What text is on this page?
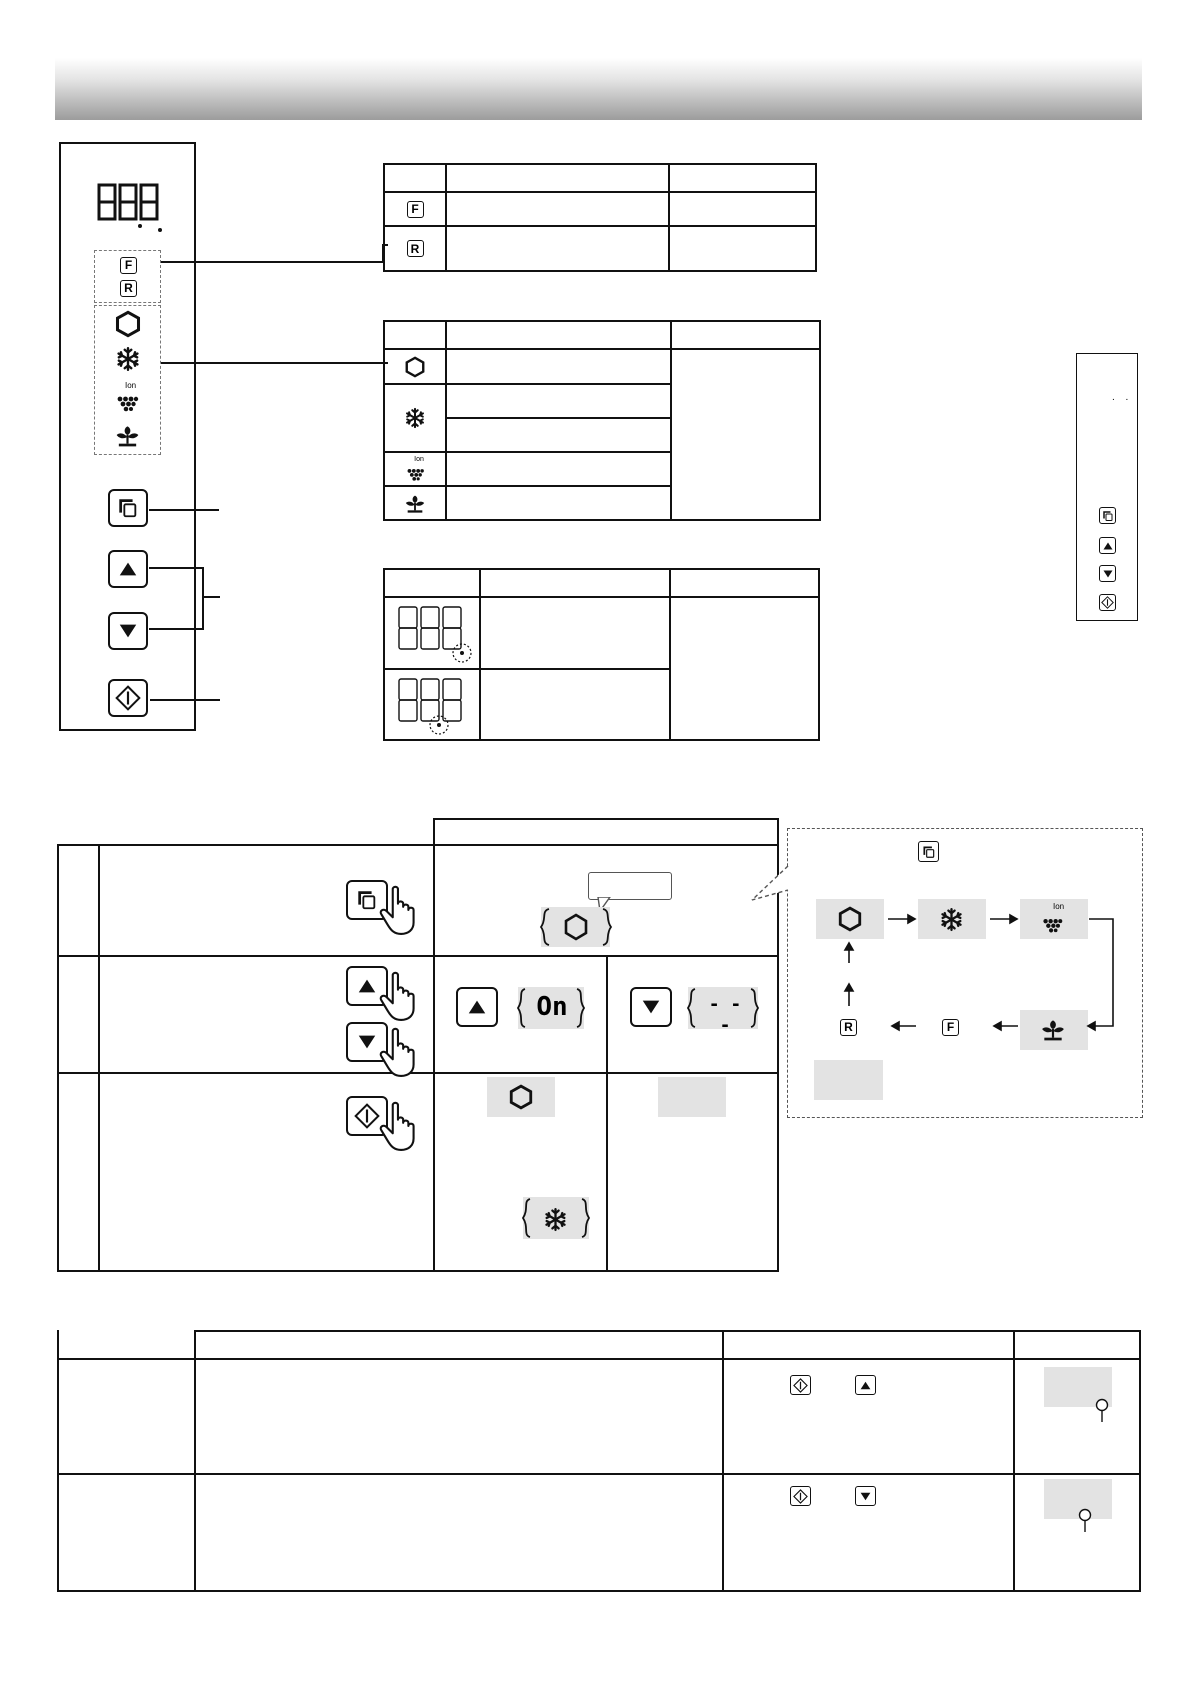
F
R
Ion
F
R
Ion
. .
On	- - -
Ion
F
R
